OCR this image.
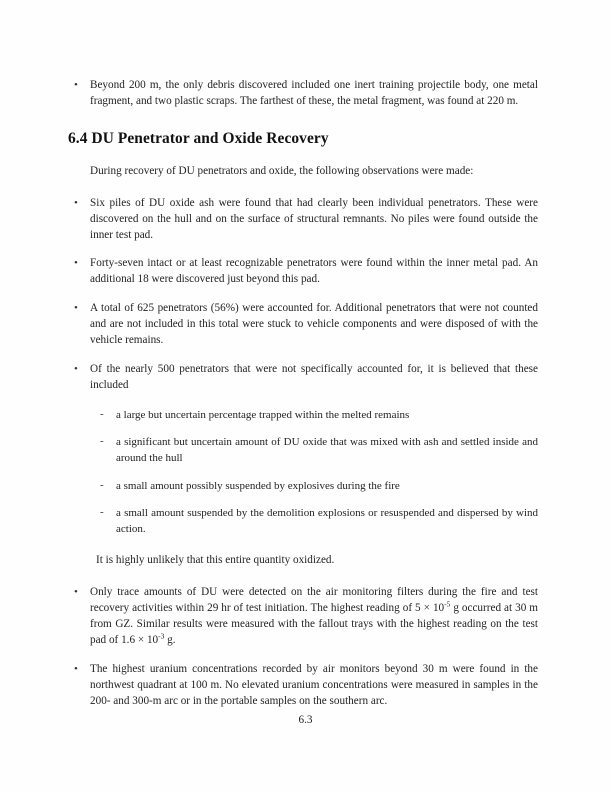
• Beyond 200 m, the only debris discovered included one inert training projectile body, one metal fragment, and two plastic scraps. The farthest of these, the metal fragment, was found at 220 m.
6.4 DU Penetrator and Oxide Recovery

During recovery of DU penetrators and oxide, the following observations were made:

• Six piles of DU oxide ash were found that had clearly been individual penetrators. These were discovered on the hull and on the surface of structural remnants. No piles were found outside the inner test pad.
• Forty-seven intact or at least recognizable penetrators were found within the inner metal pad. An additional 18 were discovered just beyond this pad.
• A total of 625 penetrators (56%) were accounted for. Additional penetrators that were not counted and are not included in this total were stuck to vehicle components and were disposed of with the vehicle remains.
• Of the nearly 500 penetrators that were not specifically accounted for, it is believed that these included
- a large but uncertain percentage trapped within the melted remains
- a significant but uncertain amount of DU oxide that was mixed with ash and settled inside and around the hull
- a small amount possibly suspended by explosives during the fire
- a small amount suspended by the demolition explosions or resuspended and dispersed by wind action.

It is highly unlikely that this entire quantity oxidized.

• Only trace amounts of DU were detected on the air monitoring filters during the fire and test recovery activities within 29 hr of test initiation. The highest reading of $5 \times 10^{-5}$ g occurred at 30 m from GZ. Similar results were measured with the fallout trays with the highest reading on the test pad of $1.6 \times 10^{-3}$ g.
• The highest uranium concentrations recorded by air monitors beyond 30 m were found in the northwest quadrant at 100 m. No elevated uranium concentrations were measured in samples in the 200- and 300-m arc or in the portable samples on the southern arc.
6.3
